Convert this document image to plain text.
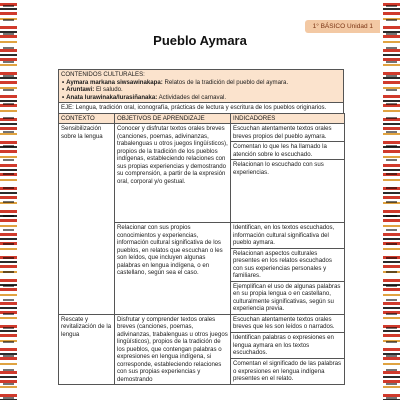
1° BÁSICO Unidad 1
Pueblo Aymara
CONTENIDOS CULTURALES:
• Aymara markana siwsawinakapa: Relatos de la tradición del pueblo del aymara.
• Aruntawi: El saludo.
• Anata lurawinaka/lurasiñanaka: Actividades del carnaval.
EJE: Lengua, tradición oral, iconografía, prácticas de lectura y escritura de los pueblos originarios.
CONTEXTO	OBJETIVOS DE APRENDIZAJE	INDICADORES
Sensibilización sobre la lengua	Conocer y disfrutar textos orales breves (canciones, poemas, adivinanzas, trabalenguas u otros juegos lingüísticos), propios de la tradición de los pueblos indígenas, estableciendo relaciones con sus propias experiencias y demostrando su comprensión, a partir de la expresión oral, corporal y/o gestual.	Escuchan atentamente textos orales breves propios del pueblo aymara.
		Comentan lo que les ha llamado la atención sobre lo escuchado.
		Relacionan lo escuchado con sus experiencias.
	Relacionar con sus propios conocimientos y experiencias, información cultural significativa de los pueblos, en relatos que escuchan o les son leídos, que incluyen algunas palabras en lengua indígena, o en castellano, según sea el caso.	Identifican, en los textos escuchados, información cultural significativa del pueblo aymara.
		Relacionan aspectos culturales presentes en los relatos escuchados con sus experiencias personales y familiares.
		Ejemplifican el uso de algunas palabras en su propia lengua o en castellano, culturalmente significativas, según su experiencia previa.
Rescate y revitalización de la lengua	Disfrutar y comprender textos orales breves (canciones, poemas, adivinanzas, trabalenguas u otros juegos lingüísticos), propios de la tradición de los pueblos, que contengan palabras o expresiones en lengua indígena, si corresponde, estableciendo relaciones con sus propias experiencias y demostrando	Escuchan atentamente textos orales breves que les son leídos o narrados.
		Identifican palabras o expresiones en lengua aymara en los textos escuchados.
		Comentan el significado de las palabras o expresiones en lengua indígena presentes en el relato.
